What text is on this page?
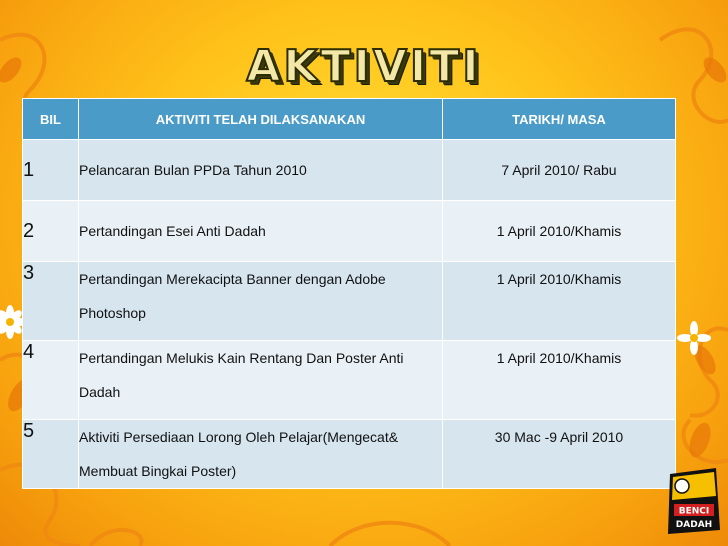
AKTIVITI
BIL	AKTIVITI TELAH DILAKSANAKAN	TARIKH/ MASA
1	Pelancaran Bulan PPDa Tahun 2010	7 April 2010/ Rabu
2	Pertandingan Esei Anti Dadah	1 April 2010/Khamis
3	Pertandingan Merekacipta Banner dengan Adobe Photoshop	1 April 2010/Khamis
4	Pertandingan Melukis Kain Rentang Dan Poster Anti Dadah	1 April 2010/Khamis
5	Aktiviti Persediaan Lorong Oleh Pelajar(Mengecat& Membuat Bingkai Poster)	30 Mac -9 April 2010
BENCI
DADAH
